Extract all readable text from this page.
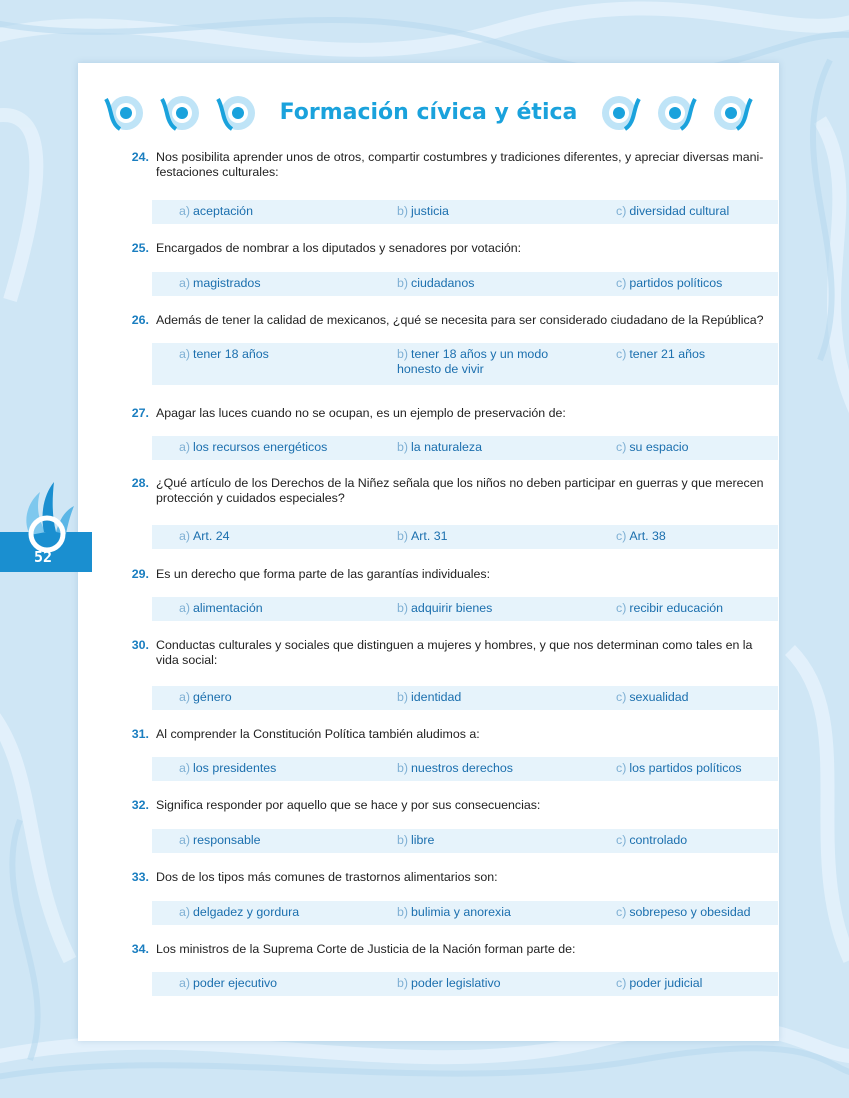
Formación cívica y ética
24. Nos posibilita aprender unos de otros, compartir costumbres y tradiciones diferentes, y apreciar diversas mani-
festaciones culturales:
a) aceptación	b) justicia	c) diversidad cultural
25. Encargados de nombrar a los diputados y senadores por votación:
a) magistrados	b) ciudadanos	c) partidos políticos
26. Además de tener la calidad de mexicanos, ¿qué se necesita para ser considerado ciudadano de la República?
a) tener 18 años	b) tener 18 años y un modo honesto de vivir
c) tener 21 años
27. Apagar las luces cuando no se ocupan, es un ejemplo de preservación de:
a) los recursos energéticos	b) la naturaleza	c) su espacio
28. ¿Qué artículo de los Derechos de la Niñez señala que los niños no deben participar en guerras y que merecen
protección y cuidados especiales?
a) Art. 24	b) Art. 31	c) Art. 38
29. Es un derecho que forma parte de las garantías individuales:
a) alimentación	b) adquirir bienes	c) recibir educación
30. Conductas culturales y sociales que distinguen a mujeres y hombres, y que nos determinan como tales en la
vida social:
a) género	b) identidad	c) sexualidad
31. Al comprender la Constitución Política también aludimos a:
a) los presidentes	b) nuestros derechos	c) los partidos políticos
32. Significa responder por aquello que se hace y por sus consecuencias:
a) responsable	b) libre	c) controlado
33. Dos de los tipos más comunes de trastornos alimentarios son:
a) delgadez y gordura	b) bulimia y anorexia	c) sobrepeso y obesidad
34. Los ministros de la Suprema Corte de Justicia de la Nación forman parte de:
a) poder ejecutivo	b) poder legislativo	c) poder judicial
52
